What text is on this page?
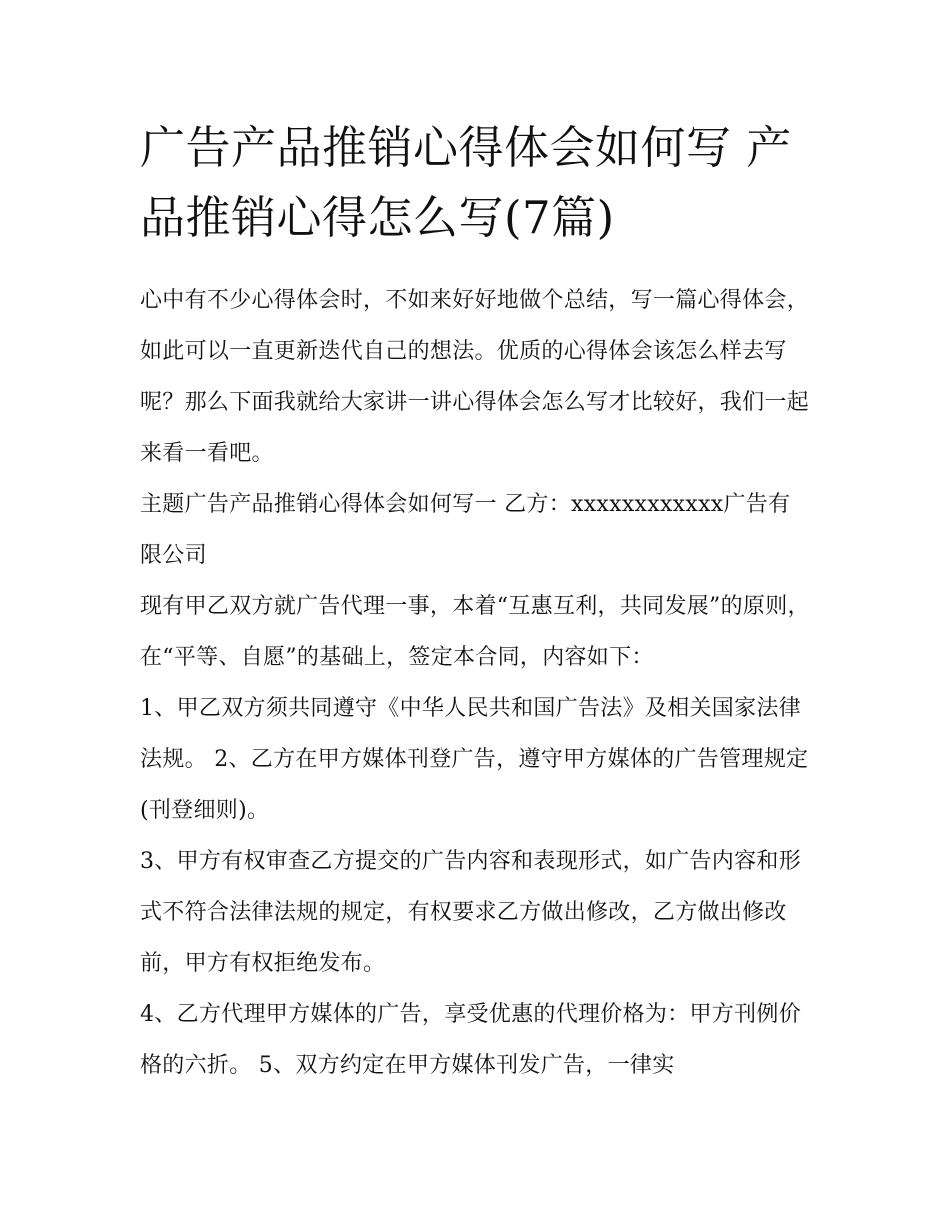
广告产品推销心得体会如何写 产品推销心得怎么写(7篇)

心中有不少心得体会时，不如来好好地做个总结，写一篇心得体会，如此可以一直更新迭代自己的想法。优质的心得体会该怎么样去写呢？那么下面我就给大家讲一讲心得体会怎么写才比较好，我们一起来看一看吧。

主题广告产品推销心得体会如何写一 乙方：xxxxxxxxxxxx广告有限公司

现有甲乙双方就广告代理一事，本着“互惠互利，共同发展”的原则，在“平等、自愿”的基础上，签定本合同，内容如下：

1、甲乙双方须共同遵守《中华人民共和国广告法》及相关国家法律法规。 2、乙方在甲方媒体刊登广告，遵守甲方媒体的广告管理规定(刊登细则)。

3、甲方有权审查乙方提交的广告内容和表现形式，如广告内容和形式不符合法律法规的规定，有权要求乙方做出修改，乙方做出修改前，甲方有权拒绝发布。

4、乙方代理甲方媒体的广告，享受优惠的代理价格为：甲方刊例价格的六折。 5、双方约定在甲方媒体刊发广告，一律实
